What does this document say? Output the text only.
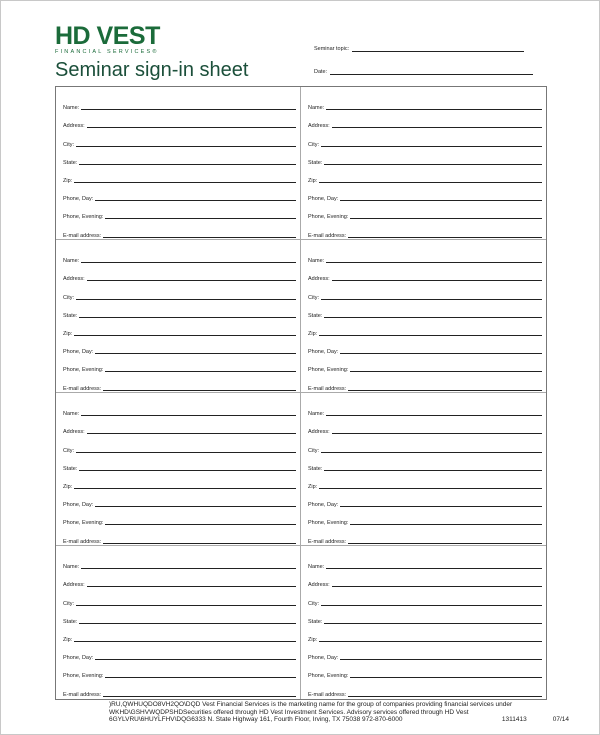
HD VEST
FINANCIAL SERVICES®
Seminar sign-in sheet
Seminar topic:
Date:
Name:
Address:
City:
State:
Zip:
Phone, Day:
Phone, Evening:
E-mail address:
Name:
Address:
City:
State:
Zip:
Phone, Day:
Phone, Evening:
E-mail address:
Name:
Address:
City:
State:
Zip:
Phone, Day:
Phone, Evening:
E-mail address:
Name:
Address:
City:
State:
Zip:
Phone, Day:
Phone, Evening:
E-mail address:
Name:
Address:
City:
State:
Zip:
Phone, Day:
Phone, Evening:
E-mail address:
Name:
Address:
City:
State:
Zip:
Phone, Day:
Phone, Evening:
E-mail address:
Name:
Address:
City:
State:
Zip:
Phone, Day:
Phone, Evening:
E-mail address:
Name:
Address:
City:
State:
Zip:
Phone, Day:
Phone, Evening:
E-mail address:
)RU,QWHUQDO8VH2QO\DQD Vest Financial Services is the marketing name for the group of companies providing financial services under
WKHD\GSHVWQDPSHDSecurities offered through HD Vest Investment Services. Advisory services offered through HD Vest
6GYLVRU\6HUYLFHV\DQG6333 N. State Highway 161, Fourth Floor, Irving, TX 75038 972-870-6000	1311413	07/14
